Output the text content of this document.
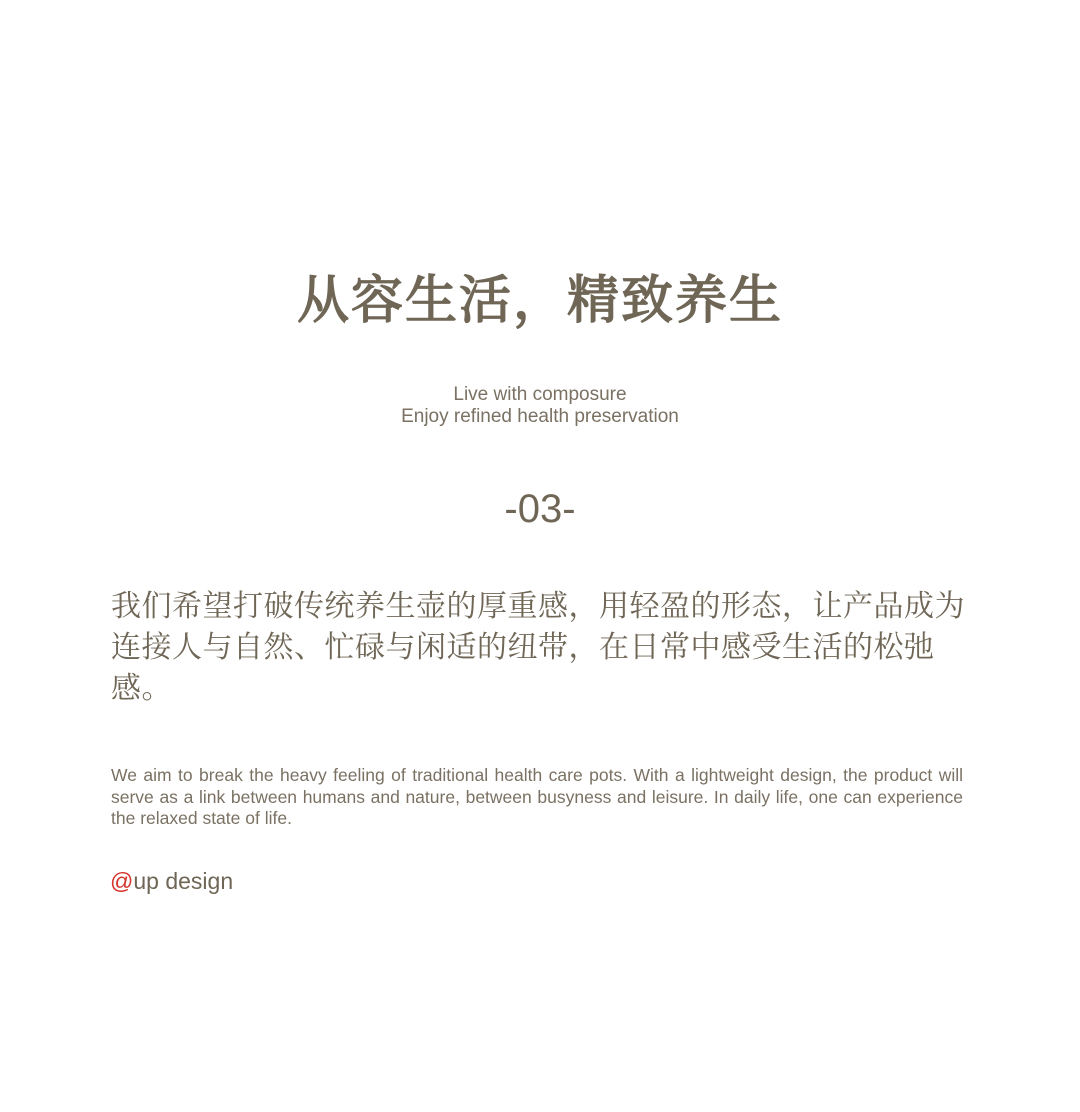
从容生活，精致养生
Live with composure
Enjoy refined health preservation
-03-

我们希望打破传统养生壶的厚重感，用轻盈的形态，让产品成为连接人与自然、忙碌与闲适的纽带，在日常中感受生活的松弛感。

We aim to break the heavy feeling of traditional health care pots. With a lightweight design, the product will serve as a link between humans and nature, between busyness and leisure. In daily life, one can experience the relaxed state of life.

@up design
